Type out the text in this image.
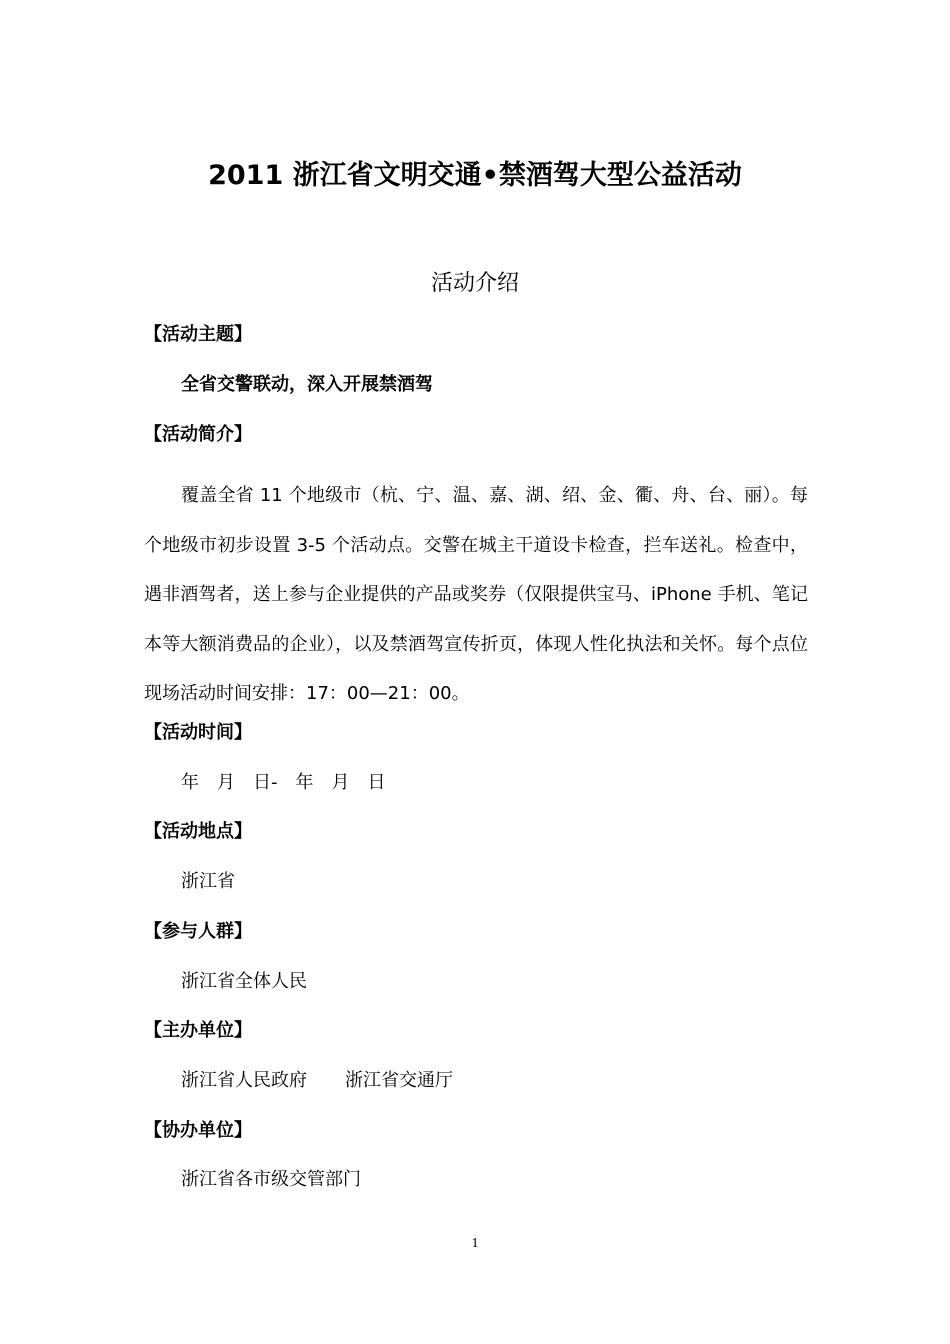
2011 浙江省文明交通•禁酒驾大型公益活动
活动介绍
【活动主题】
全省交警联动，深入开展禁酒驾
【活动简介】
覆盖全省 11 个地级市（杭、宁、温、嘉、湖、绍、金、衢、舟、台、丽）。每个地级市初步设置 3-5 个活动点。交警在城主干道设卡检查，拦车送礼。检查中，遇非酒驾者，送上参与企业提供的产品或奖券（仅限提供宝马、iPhone 手机、笔记本等大额消费品的企业），以及禁酒驾宣传折页，体现人性化执法和关怀。每个点位现场活动时间安排：17：00—21：00。
【活动时间】
年　月　日-　年　月　日
【活动地点】
浙江省
【参与人群】
浙江省全体人民
【主办单位】
浙江省人民政府 浙江省交通厅
【协办单位】
浙江省各市级交管部门
1
